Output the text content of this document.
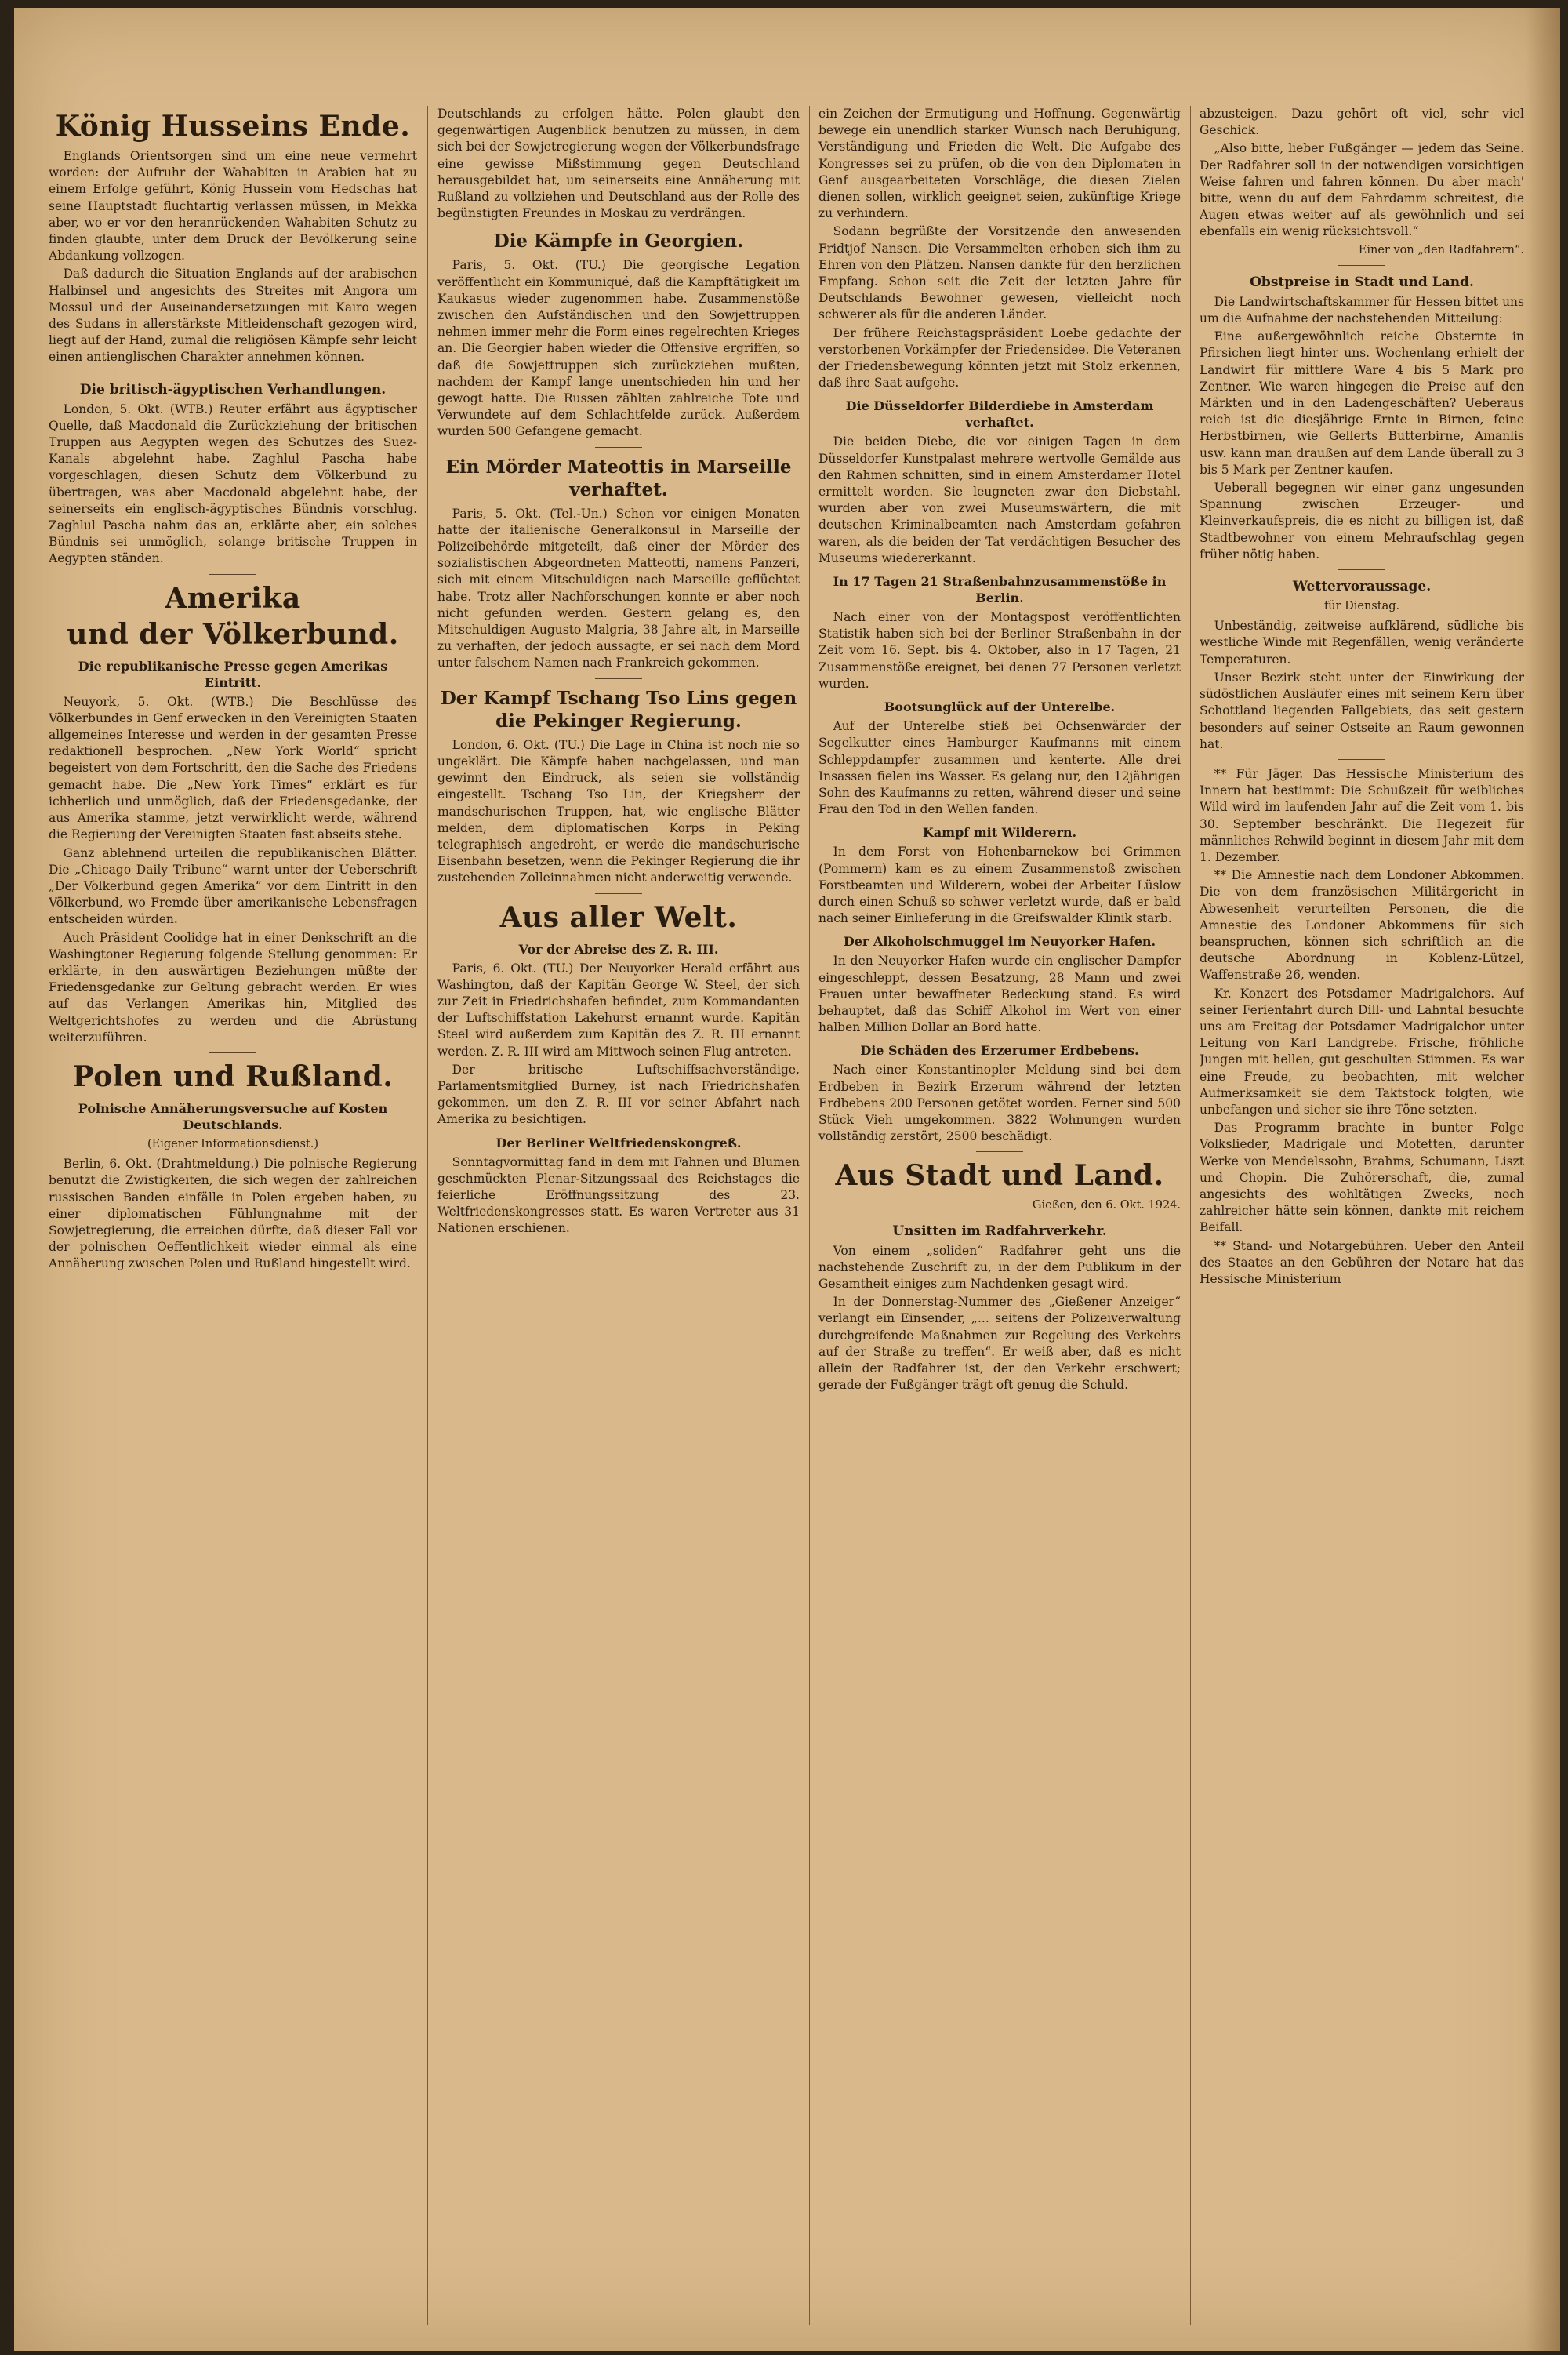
König Husseins Ende.

Englands Orientsorgen sind um eine neue vermehrt worden: der Aufruhr der Wahabiten in Arabien hat zu einem Erfolge geführt, König Hussein vom Hedschas hat seine Hauptstadt fluchtartig verlassen müssen, in Mekka aber, wo er vor den heranrückenden Wahabiten Schutz zu finden glaubte, unter dem Druck der Bevölkerung seine Abdankung vollzogen.

Daß dadurch die Situation Englands auf der arabischen Halbinsel und angesichts des Streites mit Angora um Mossul und der Auseinandersetzungen mit Kairo wegen des Sudans in allerstärkste Mitleidenschaft gezogen wird, liegt auf der Hand, zumal die religiösen Kämpfe sehr leicht einen antienglischen Charakter annehmen können.

Die britisch-ägyptischen Verhandlungen.

London, 5. Okt. (WTB.) Reuter erfährt aus ägyptischer Quelle, daß Macdonald die Zurückziehung der britischen Truppen aus Aegypten wegen des Schutzes des Suez-Kanals abgelehnt habe. Zaghlul Pascha habe vorgeschlagen, diesen Schutz dem Völkerbund zu übertragen, was aber Macdonald abgelehnt habe, der seinerseits ein englisch-ägyptisches Bündnis vorschlug. Zaghlul Pascha nahm das an, erklärte aber, ein solches Bündnis sei unmöglich, solange britische Truppen in Aegypten ständen.

Amerika
und der Völkerbund.
Die republikanische Presse gegen Amerikas Eintritt.

Neuyork, 5. Okt. (WTB.) Die Beschlüsse des Völkerbundes in Genf erwecken in den Vereinigten Staaten allgemeines Interesse und werden in der gesamten Presse redaktionell besprochen. „New York World“ spricht begeistert von dem Fortschritt, den die Sache des Friedens gemacht habe. Die „New York Times“ erklärt es für ichherlich und unmöglich, daß der Friedensgedanke, der aus Amerika stamme, jetzt verwirklicht werde, während die Regierung der Vereinigten Staaten fast abseits stehe.

Ganz ablehnend urteilen die republikanischen Blätter. Die „Chicago Daily Tribune“ warnt unter der Ueberschrift „Der Völkerbund gegen Amerika“ vor dem Eintritt in den Völkerbund, wo Fremde über amerikanische Lebensfragen entscheiden würden.

Auch Präsident Coolidge hat in einer Denkschrift an die Washingtoner Regierung folgende Stellung genommen: Er erklärte, in den auswärtigen Beziehungen müßte der Friedensgedanke zur Geltung gebracht werden. Er wies auf das Verlangen Amerikas hin, Mitglied des Weltgerichtshofes zu werden und die Abrüstung weiterzuführen.

Polen und Rußland.
Polnische Annäherungsversuche auf Kosten Deutschlands.
(Eigener Informationsdienst.)

Berlin, 6. Okt. (Drahtmeldung.) Die polnische Regierung benutzt die Zwistigkeiten, die sich wegen der zahlreichen russischen Banden einfälle in Polen ergeben haben, zu einer diplomatischen Fühlungnahme mit der Sowjetregierung, die erreichen dürfte, daß dieser Fall vor der polnischen Oeffentlichkeit wieder einmal als eine Annäherung zwischen Polen und Rußland hingestellt wird.

Deutschlands zu erfolgen hätte. Polen glaubt den gegenwärtigen Augenblick benutzen zu müssen, in dem sich bei der Sowjetregierung wegen der Völkerbundsfrage eine gewisse Mißstimmung gegen Deutschland herausgebildet hat, um seinerseits eine Annäherung mit Rußland zu vollziehen und Deutschland aus der Rolle des begünstigten Freundes in Moskau zu verdrängen.

Die Kämpfe in Georgien.

Paris, 5. Okt. (TU.) Die georgische Legation veröffentlicht ein Kommuniqué, daß die Kampftätigkeit im Kaukasus wieder zugenommen habe. Zusammenstöße zwischen den Aufständischen und den Sowjettruppen nehmen immer mehr die Form eines regelrechten Krieges an. Die Georgier haben wieder die Offensive ergriffen, so daß die Sowjettruppen sich zurückziehen mußten, nachdem der Kampf lange unentschieden hin und her gewogt hatte. Die Russen zählten zahlreiche Tote und Verwundete auf dem Schlachtfelde zurück. Außerdem wurden 500 Gefangene gemacht.

Ein Mörder Mateottis in Marseille verhaftet.

Paris, 5. Okt. (Tel.-Un.) Schon vor einigen Monaten hatte der italienische Generalkonsul in Marseille der Polizeibehörde mitgeteilt, daß einer der Mörder des sozialistischen Abgeordneten Matteotti, namens Panzeri, sich mit einem Mitschuldigen nach Marseille geflüchtet habe. Trotz aller Nachforschungen konnte er aber noch nicht gefunden werden. Gestern gelang es, den Mitschuldigen Augusto Malgria, 38 Jahre alt, in Marseille zu verhaften, der jedoch aussagte, er sei nach dem Mord unter falschem Namen nach Frankreich gekommen.

Der Kampf Tschang Tso Lins gegen die Pekinger Regierung.

London, 6. Okt. (TU.) Die Lage in China ist noch nie so ungeklärt. Die Kämpfe haben nachgelassen, und man gewinnt den Eindruck, als seien sie vollständig eingestellt. Tschang Tso Lin, der Kriegsherr der mandschurischen Truppen, hat, wie englische Blätter melden, dem diplomatischen Korps in Peking telegraphisch angedroht, er werde die mandschurische Eisenbahn besetzen, wenn die Pekinger Regierung die ihr zustehenden Zolleinnahmen nicht anderweitig verwende.

Aus aller Welt.
Vor der Abreise des Z. R. III.

Paris, 6. Okt. (TU.) Der Neuyorker Herald erfährt aus Washington, daß der Kapitän George W. Steel, der sich zur Zeit in Friedrichshafen befindet, zum Kommandanten der Luftschiffstation Lakehurst ernannt wurde. Kapitän Steel wird außerdem zum Kapitän des Z. R. III ernannt werden. Z. R. III wird am Mittwoch seinen Flug antreten.

Der britische Luftschiffsachverständige, Parlamentsmitglied Burney, ist nach Friedrichshafen gekommen, um den Z. R. III vor seiner Abfahrt nach Amerika zu besichtigen.

Der Berliner Weltfriedenskongreß.

Sonntagvormittag fand in dem mit Fahnen und Blumen geschmückten Plenar-Sitzungssaal des Reichstages die feierliche Eröffnungssitzung des 23. Weltfriedenskongresses statt. Es waren Vertreter aus 31 Nationen erschienen.

ein Zeichen der Ermutigung und Hoffnung. Gegenwärtig bewege ein unendlich starker Wunsch nach Beruhigung, Verständigung und Frieden die Welt. Die Aufgabe des Kongresses sei zu prüfen, ob die von den Diplomaten in Genf ausgearbeiteten Vorschläge, die diesen Zielen dienen sollen, wirklich geeignet seien, zukünftige Kriege zu verhindern.

Sodann begrüßte der Vorsitzende den anwesenden Fridtjof Nansen. Die Versammelten erhoben sich ihm zu Ehren von den Plätzen. Nansen dankte für den herzlichen Empfang. Schon seit die Zeit der letzten Jahre für Deutschlands Bewohner gewesen, vielleicht noch schwerer als für die anderen Länder.

Der frühere Reichstagspräsident Loebe gedachte der verstorbenen Vorkämpfer der Friedensidee. Die Veteranen der Friedensbewegung könnten jetzt mit Stolz erkennen, daß ihre Saat aufgehe.

Die Düsseldorfer Bilderdiebe in Amsterdam verhaftet.

Die beiden Diebe, die vor einigen Tagen in dem Düsseldorfer Kunstpalast mehrere wertvolle Gemälde aus den Rahmen schnitten, sind in einem Amsterdamer Hotel ermittelt worden. Sie leugneten zwar den Diebstahl, wurden aber von zwei Museumswärtern, die mit deutschen Kriminalbeamten nach Amsterdam gefahren waren, als die beiden der Tat verdächtigen Besucher des Museums wiedererkannt.

In 17 Tagen 21 Straßenbahnzusammenstöße in Berlin.

Nach einer von der Montagspost veröffentlichten Statistik haben sich bei der Berliner Straßenbahn in der Zeit vom 16. Sept. bis 4. Oktober, also in 17 Tagen, 21 Zusammenstöße ereignet, bei denen 77 Personen verletzt wurden.

Bootsunglück auf der Unterelbe.

Auf der Unterelbe stieß bei Ochsenwärder der Segelkutter eines Hamburger Kaufmanns mit einem Schleppdampfer zusammen und kenterte. Alle drei Insassen fielen ins Wasser. Es gelang nur, den 12jährigen Sohn des Kaufmanns zu retten, während dieser und seine Frau den Tod in den Wellen fanden.

Kampf mit Wilderern.

In dem Forst von Hohenbarnekow bei Grimmen (Pommern) kam es zu einem Zusammenstoß zwischen Forstbeamten und Wilderern, wobei der Arbeiter Lüslow durch einen Schuß so schwer verletzt wurde, daß er bald nach seiner Einlieferung in die Greifswalder Klinik starb.

Der Alkoholschmuggel im Neuyorker Hafen.

In den Neuyorker Hafen wurde ein englischer Dampfer eingeschleppt, dessen Besatzung, 28 Mann und zwei Frauen unter bewaffneter Bedeckung stand. Es wird behauptet, daß das Schiff Alkohol im Wert von einer halben Million Dollar an Bord hatte.

Die Schäden des Erzerumer Erdbebens.

Nach einer Konstantinopler Meldung sind bei dem Erdbeben in Bezirk Erzerum während der letzten Erdbebens 200 Personen getötet worden. Ferner sind 500 Stück Vieh umgekommen. 3822 Wohnungen wurden vollständig zerstört, 2500 beschädigt.

Aus Stadt und Land.
Gießen, den 6. Okt. 1924.
Unsitten im Radfahrverkehr.

Von einem „soliden“ Radfahrer geht uns die nachstehende Zuschrift zu, in der dem Publikum in der Gesamtheit einiges zum Nachdenken gesagt wird.

In der Donnerstag-Nummer des „Gießener Anzeiger“ verlangt ein Einsender, „... seitens der Polizeiverwaltung durchgreifende Maßnahmen zur Regelung des Verkehrs auf der Straße zu treffen“. Er weiß aber, daß es nicht allein der Radfahrer ist, der den Verkehr erschwert; gerade der Fußgänger trägt oft genug die Schuld.

abzusteigen. Dazu gehört oft viel, sehr viel Geschick.

„Also bitte, lieber Fußgänger — jedem das Seine. Der Radfahrer soll in der notwendigen vorsichtigen Weise fahren und fahren können. Du aber mach' bitte, wenn du auf dem Fahrdamm schreitest, die Augen etwas weiter auf als gewöhnlich und sei ebenfalls ein wenig rücksichtsvoll.“

Einer von „den Radfahrern“.
Obstpreise in Stadt und Land.

Die Landwirtschaftskammer für Hessen bittet uns um die Aufnahme der nachstehenden Mitteilung:

Eine außergewöhnlich reiche Obsternte in Pfirsichen liegt hinter uns. Wochenlang erhielt der Landwirt für mittlere Ware 4 bis 5 Mark pro Zentner. Wie waren hingegen die Preise auf den Märkten und in den Ladengeschäften? Ueberaus reich ist die diesjährige Ernte in Birnen, feine Herbstbirnen, wie Gellerts Butterbirne, Amanlis usw. kann man draußen auf dem Lande überall zu 3 bis 5 Mark per Zentner kaufen.

Ueberall begegnen wir einer ganz ungesunden Spannung zwischen Erzeuger- und Kleinverkaufspreis, die es nicht zu billigen ist, daß Stadtbewohner von einem Mehraufschlag gegen früher nötig haben.

Wettervoraussage.
für Dienstag.

Unbeständig, zeitweise aufklärend, südliche bis westliche Winde mit Regenfällen, wenig veränderte Temperaturen.

Unser Bezirk steht unter der Einwirkung der südöstlichen Ausläufer eines mit seinem Kern über Schottland liegenden Fallgebiets, das seit gestern besonders auf seiner Ostseite an Raum gewonnen hat.

** Für Jäger. Das Hessische Ministerium des Innern hat bestimmt: Die Schußzeit für weibliches Wild wird im laufenden Jahr auf die Zeit vom 1. bis 30. September beschränkt. Die Hegezeit für männliches Rehwild beginnt in diesem Jahr mit dem 1. Dezember.

** Die Amnestie nach dem Londoner Abkommen. Die von dem französischen Militärgericht in Abwesenheit verurteilten Personen, die die Amnestie des Londoner Abkommens für sich beanspruchen, können sich schriftlich an die deutsche Abordnung in Koblenz-Lützel, Waffenstraße 26, wenden.

Kr. Konzert des Potsdamer Madrigalchors. Auf seiner Ferienfahrt durch Dill- und Lahntal besuchte uns am Freitag der Potsdamer Madrigalchor unter Leitung von Karl Landgrebe. Frische, fröhliche Jungen mit hellen, gut geschulten Stimmen. Es war eine Freude, zu beobachten, mit welcher Aufmerksamkeit sie dem Taktstock folgten, wie unbefangen und sicher sie ihre Töne setzten.

Das Programm brachte in bunter Folge Volkslieder, Madrigale und Motetten, darunter Werke von Mendelssohn, Brahms, Schumann, Liszt und Chopin. Die Zuhörerschaft, die, zumal angesichts des wohltätigen Zwecks, noch zahlreicher hätte sein können, dankte mit reichem Beifall.

** Stand- und Notargebühren. Ueber den Anteil des Staates an den Gebühren der Notare hat das Hessische Ministerium
